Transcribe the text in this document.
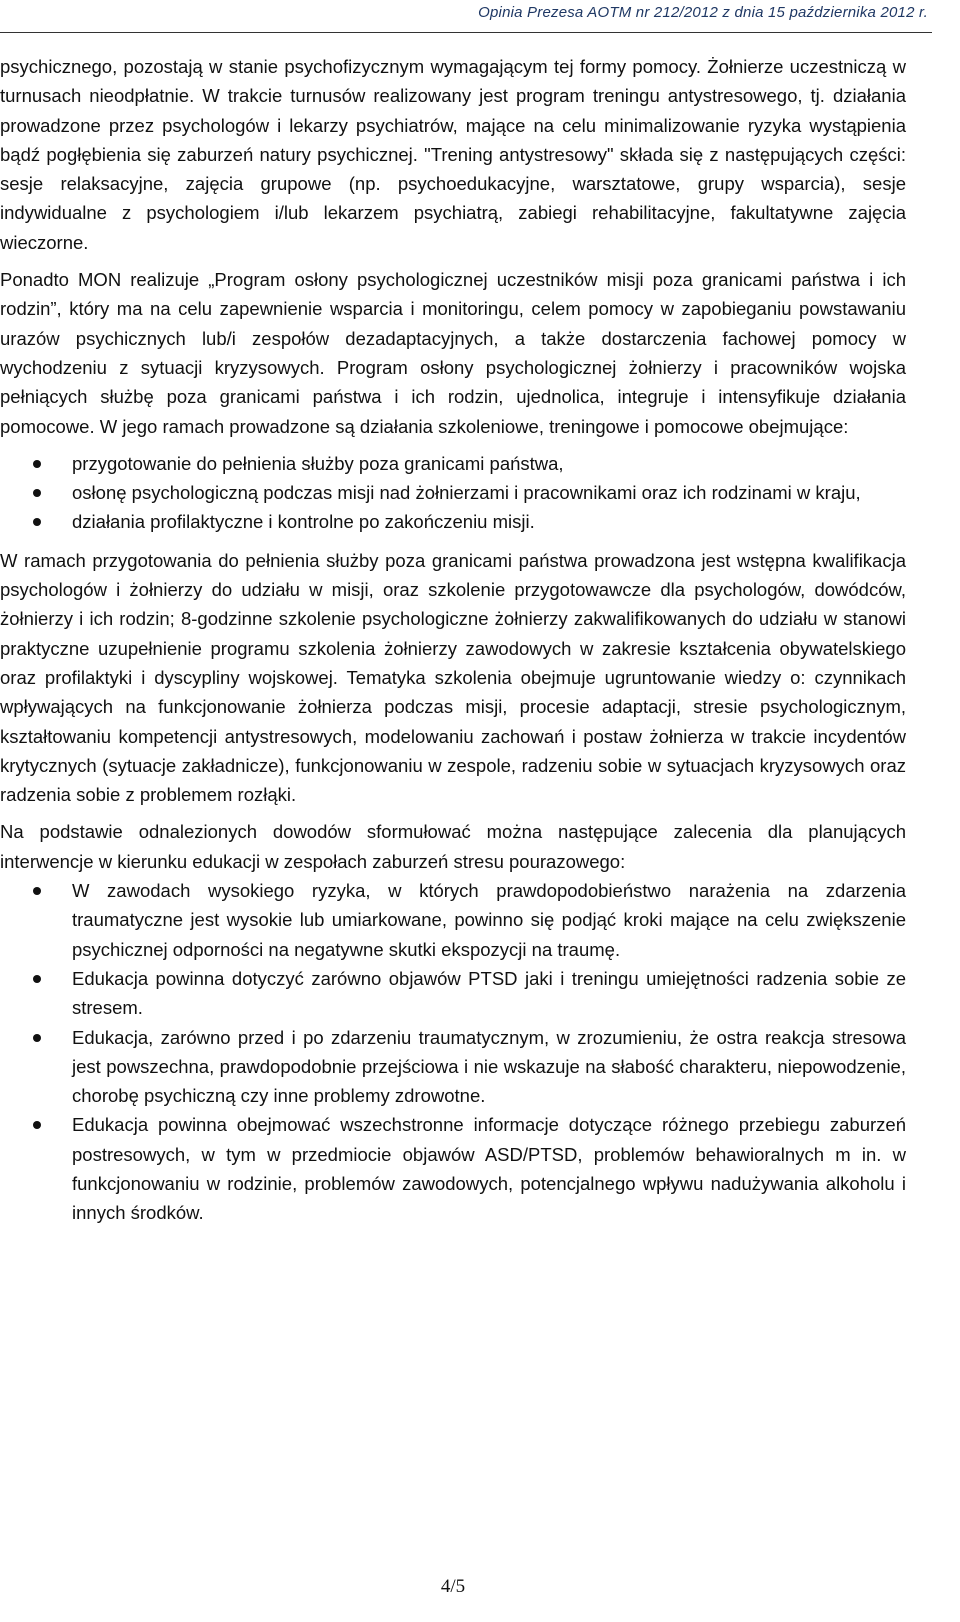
Opinia Prezesa AOTM nr 212/2012 z dnia 15 października 2012 r.

psychicznego, pozostają w stanie psychofizycznym wymagającym tej formy pomocy. Żołnierze uczestniczą w turnusach nieodpłatnie. W trakcie turnusów realizowany jest program treningu antystresowego, tj. działania prowadzone przez psychologów i lekarzy psychiatrów, mające na celu minimalizowanie ryzyka wystąpienia bądź pogłębienia się zaburzeń natury psychicznej. "Trening antystresowy" składa się z następujących części: sesje relaksacyjne, zajęcia grupowe (np. psychoedukacyjne, warsztatowe, grupy wsparcia), sesje indywidualne z psychologiem i/lub lekarzem psychiatrą, zabiegi rehabilitacyjne, fakultatywne zajęcia wieczorne.

Ponadto MON realizuje „Program osłony psychologicznej uczestników misji poza granicami państwa i ich rodzin”, który ma na celu zapewnienie wsparcia i monitoringu, celem pomocy w zapobieganiu powstawaniu urazów psychicznych lub/i zespołów dezadaptacyjnych, a także dostarczenia fachowej pomocy w wychodzeniu z sytuacji kryzysowych. Program osłony psychologicznej żołnierzy i pracowników wojska pełniących służbę poza granicami państwa i ich rodzin, ujednolica, integruje i intensyfikuje działania pomocowe. W jego ramach prowadzone są działania szkoleniowe, treningowe i pomocowe obejmujące:

przygotowanie do pełnienia służby poza granicami państwa,
osłonę psychologiczną podczas misji nad żołnierzami i pracownikami oraz ich rodzinami w kraju,
działania profilaktyczne i kontrolne po zakończeniu misji.

W ramach przygotowania do pełnienia służby poza granicami państwa prowadzona jest wstępna kwalifikacja psychologów i żołnierzy do udziału w misji, oraz szkolenie przygotowawcze dla psychologów, dowódców, żołnierzy i ich rodzin; 8-godzinne szkolenie psychologiczne żołnierzy zakwalifikowanych do udziału w stanowi praktyczne uzupełnienie programu szkolenia żołnierzy zawodowych w zakresie kształcenia obywatelskiego oraz profilaktyki i dyscypliny wojskowej. Tematyka szkolenia obejmuje ugruntowanie wiedzy o: czynnikach wpływających na funkcjonowanie żołnierza podczas misji, procesie adaptacji, stresie psychologicznym, kształtowaniu kompetencji antystresowych, modelowaniu zachowań i postaw żołnierza w trakcie incydentów krytycznych (sytuacje zakładnicze), funkcjonowaniu w zespole, radzeniu sobie w sytuacjach kryzysowych oraz radzenia sobie z problemem rozłąki.

Na podstawie odnalezionych dowodów sformułować można następujące zalecenia dla planujących interwencje w kierunku edukacji w zespołach zaburzeń stresu pourazowego:

W zawodach wysokiego ryzyka, w których prawdopodobieństwo narażenia na zdarzenia traumatyczne jest wysokie lub umiarkowane, powinno się podjąć kroki mające na celu zwiększenie psychicznej odporności na negatywne skutki ekspozycji na traumę.
Edukacja powinna dotyczyć zarówno objawów PTSD jaki i treningu umiejętności radzenia sobie ze stresem.
Edukacja, zarówno przed i po zdarzeniu traumatycznym, w zrozumieniu, że ostra reakcja stresowa jest powszechna, prawdopodobnie przejściowa i nie wskazuje na słabość charakteru, niepowodzenie, chorobę psychiczną czy inne problemy zdrowotne.
Edukacja powinna obejmować wszechstronne informacje dotyczące różnego przebiegu zaburzeń postresowych, w tym w przedmiocie objawów ASD/PTSD, problemów behawioralnych m in. w funkcjonowaniu w rodzinie, problemów zawodowych, potencjalnego wpływu nadużywania alkoholu i innych środków.
4/5
